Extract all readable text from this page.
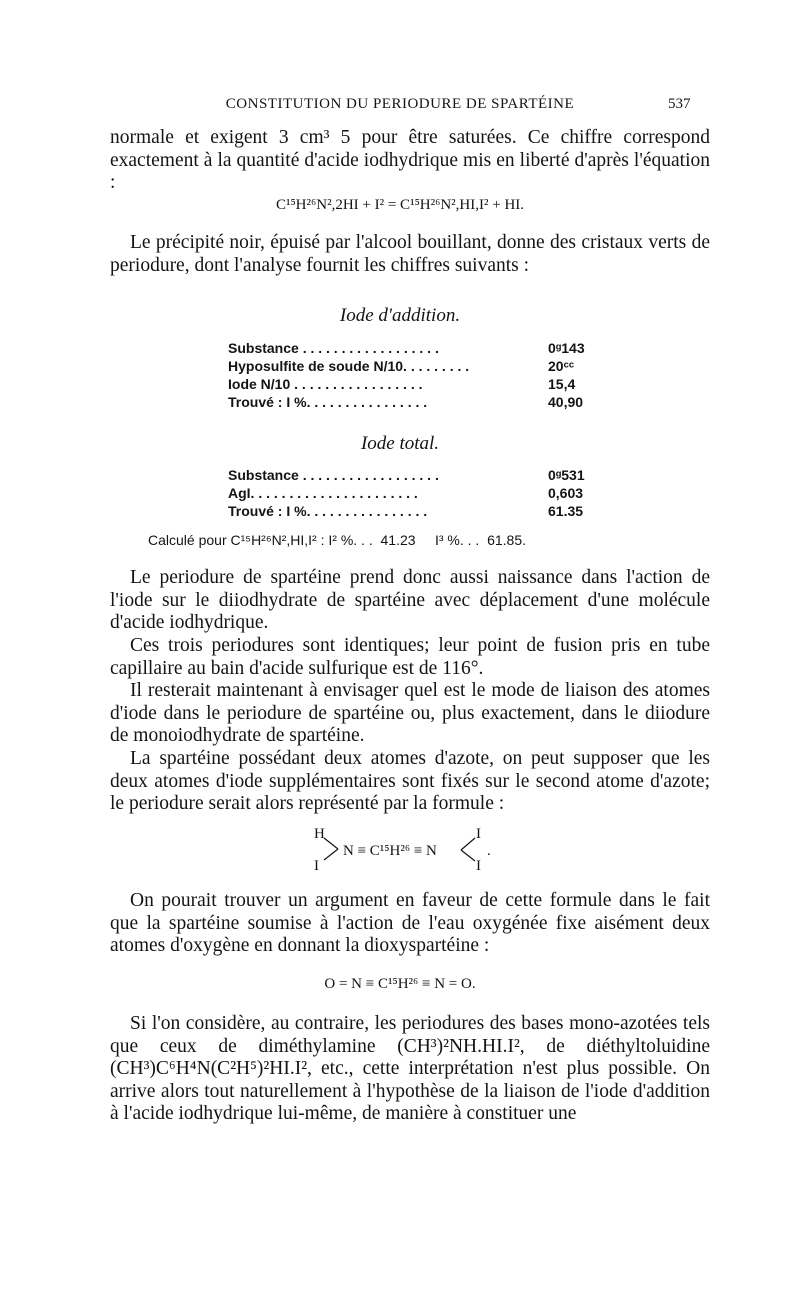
CONSTITUTION DU PERIODURE DE SPARTÉINE	537

normale et exigent 3 cm³ 5 pour être saturées. Ce chiffre correspond exactement à la quantité d'acide iodhydrique mis en liberté d'après l'équation :

C¹⁵H²⁶N²,2HI + I² = C¹⁵H²⁶N²,HI,I² + HI.

Le précipité noir, épuisé par l'alcool bouillant, donne des cristaux verts de periodure, dont l'analyse fournit les chiffres suivants :

Iode d'addition.
Substance . . . . . . . . . . . . . . . . . .	0ᵍ143
Hyposulfite de soude N/10. . . . . . . . .	20ᶜᶜ
Iode N/10 . . . . . . . . . . . . . . . . .	15,4
Trouvé : I %. . . . . . . . . . . . . . . .	40,90
Iode total.
Substance . . . . . . . . . . . . . . . . . .	0ᵍ531
AgI. . . . . . . . . . . . . . . . . . . . . .	0,603
Trouvé : I %. . . . . . . . . . . . . . . .	61.35
Calculé pour C¹⁵H²⁶N²,HI,I² : I² %. . .  41.23     I³ %. . .  61.85.

Le periodure de spartéine prend donc aussi naissance dans l'action de l'iode sur le diiodhydrate de spartéine avec déplacement d'une molécule d'acide iodhydrique.

Ces trois periodures sont identiques; leur point de fusion pris en tube capillaire au bain d'acide sulfurique est de 116°.

Il resterait maintenant à envisager quel est le mode de liaison des atomes d'iode dans le periodure de spartéine ou, plus exactement, dans le diiodure de monoiodhydrate de spartéine.

La spartéine possédant deux atomes d'azote, on peut supposer que les deux atomes d'iode supplémentaires sont fixés sur le second atome d'azote; le periodure serait alors représenté par la formule :

H
I
N ≡ C¹⁵H²⁶ ≡ N
I
I
.

On pourait trouver un argument en faveur de cette formule dans le fait que la spartéine soumise à l'action de l'eau oxygénée fixe aisément deux atomes d'oxygène en donnant la dioxyspartéine :

O = N ≡ C¹⁵H²⁶ ≡ N = O.

Si l'on considère, au contraire, les periodures des bases mono-azotées tels que ceux de diméthylamine (CH³)²NH.HI.I², de diéthyltoluidine (CH³)C⁶H⁴N(C²H⁵)²HI.I², etc., cette interprétation n'est plus possible. On arrive alors tout naturellement à l'hypothèse de la liaison de l'iode d'addition à l'acide iodhydrique lui-même, de manière à constituer une
